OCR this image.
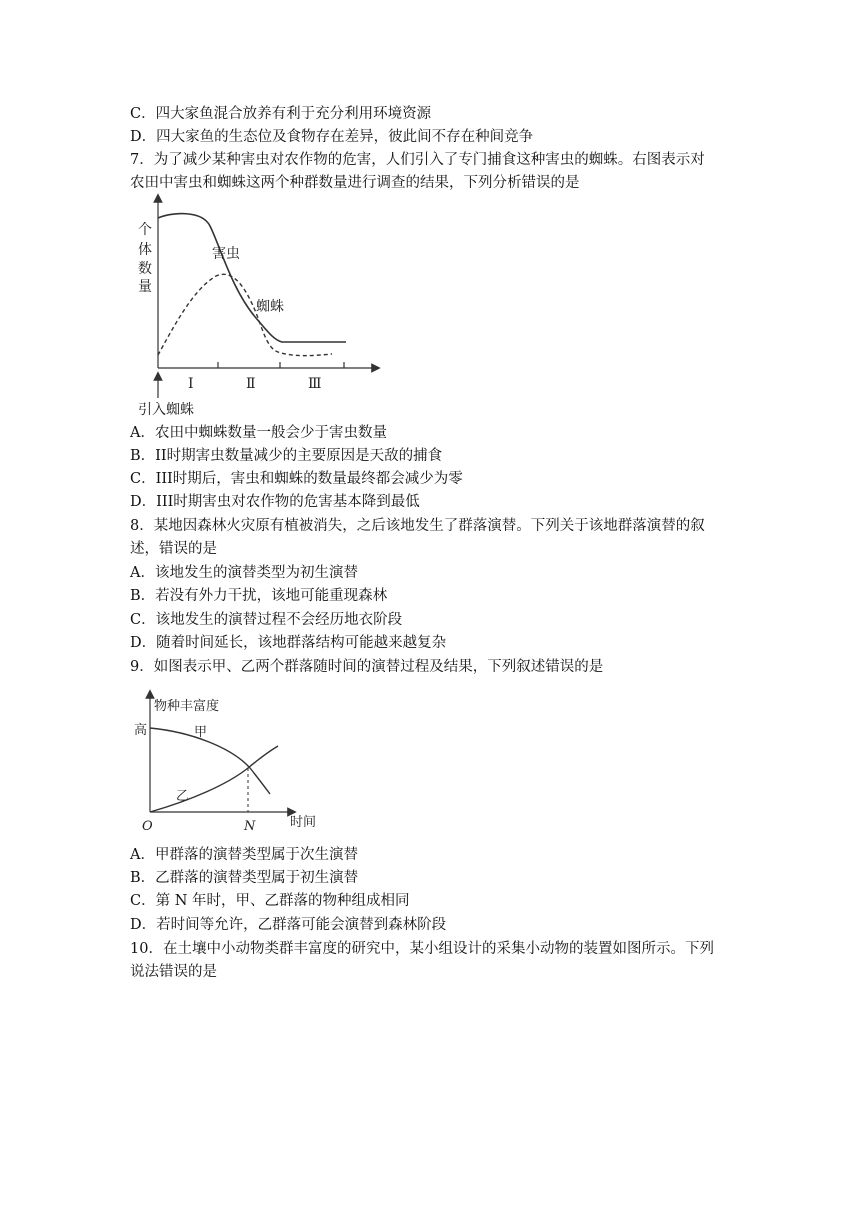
C．四大家鱼混合放养有利于充分利用环境资源
D．四大家鱼的生态位及食物存在差异，彼此间不存在种间竞争
7．为了减少某种害虫对农作物的危害，人们引入了专门捕食这种害虫的蜘蛛。右图表示对
农田中害虫和蜘蛛这两个种群数量进行调查的结果，下列分析错误的是
个
体
数
量
害虫
蜘蛛
Ⅰ	Ⅱ	Ⅲ
引入蜘蛛
A．农田中蜘蛛数量一般会少于害虫数量
B．II时期害虫数量减少的主要原因是天敌的捕食
C．III时期后，害虫和蜘蛛的数量最终都会减少为零
D．III时期害虫对农作物的危害基本降到最低
8．某地因森林火灾原有植被消失，之后该地发生了群落演替。下列关于该地群落演替的叙
述，错误的是
A．该地发生的演替类型为初生演替
B．若没有外力干扰，该地可能重现森林
C．该地发生的演替过程不会经历地衣阶段
D．随着时间延长，该地群落结构可能越来越复杂
9．如图表示甲、乙两个群落随时间的演替过程及结果，下列叙述错误的是
物种丰富度
高	甲
乙
O	N	时间
A．甲群落的演替类型属于次生演替
B．乙群落的演替类型属于初生演替
C．第 N 年时，甲、乙群落的物种组成相同
D．若时间等允许，乙群落可能会演替到森林阶段
10．在土壤中小动物类群丰富度的研究中，某小组设计的采集小动物的装置如图所示。下列
说法错误的是
